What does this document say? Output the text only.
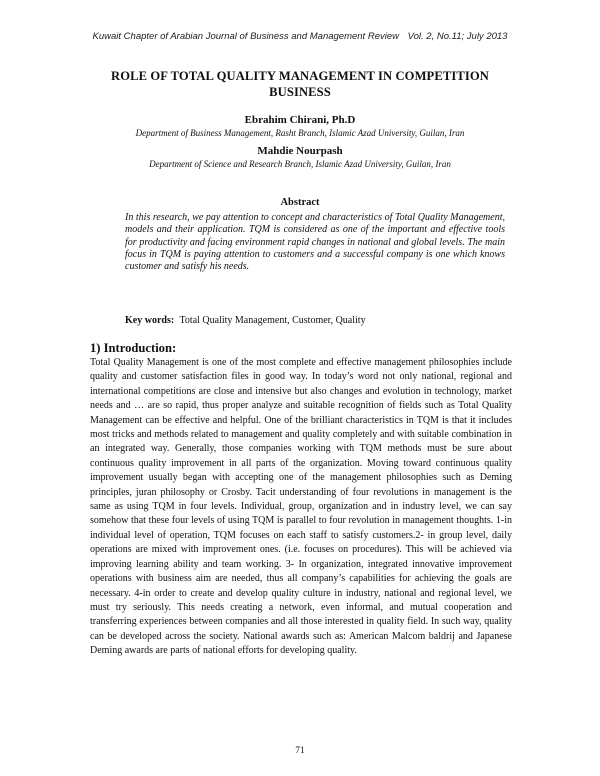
Kuwait Chapter of Arabian Journal of Business and Management Review Vol. 2, No.11; July 2013
ROLE OF TOTAL QUALITY MANAGEMENT IN COMPETITION BUSINESS
Ebrahim Chirani, Ph.D
Department of Business Management, Rasht Branch, Islamic Azad University, Guilan, Iran
Mahdie Nourpash
Department of Science and Research Branch, Islamic Azad University, Guilan, Iran
Abstract

In this research, we pay attention to concept and characteristics of Total Quality Management, models and their application. TQM is considered as one of the important and effective tools for productivity and facing environment rapid changes in national and global levels. The main focus in TQM is paying attention to customers and a successful company is one which knows customer and satisfy his needs.

Key words: Total Quality Management, Customer, Quality
1) Introduction:

Total Quality Management is one of the most complete and effective management philosophies include quality and customer satisfaction files in good way. In today’s word not only national, regional and international competitions are close and intensive but also changes and evolution in technology, market needs and … are so rapid, thus proper analyze and suitable recognition of fields such as Total Quality Management can be effective and helpful. One of the brilliant characteristics in TQM is that it includes most tricks and methods related to management and quality completely and with suitable combination in an integrated way. Generally, those companies working with TQM methods must be sure about continuous quality improvement in all parts of the organization. Moving toward continuous quality improvement usually began with accepting one of the management philosophies such as Deming principles, juran philosophy or Crosby. Tacit understanding of four revolutions in management is the same as using TQM in four levels. Individual, group, organization and in industry level, we can say somehow that these four levels of using TQM is parallel to four revolution in management thoughts. 1-in individual level of operation, TQM focuses on each staff to satisfy customers.2- in group level, daily operations are mixed with improvement ones. (i.e. focuses on procedures). This will be achieved via improving learning ability and team working. 3- In organization, integrated innovative improvement operations with business aim are needed, thus all company’s capabilities for achieving the goals are necessary. 4-in order to create and develop quality culture in industry, national and regional level, we must try seriously. This needs creating a network, even informal, and mutual cooperation and transferring experiences between companies and all those interested in quality field. In such way, quality can be developed across the society. National awards such as: American Malcom baldrij and Japanese Deming awards are parts of national efforts for developing quality.

71
